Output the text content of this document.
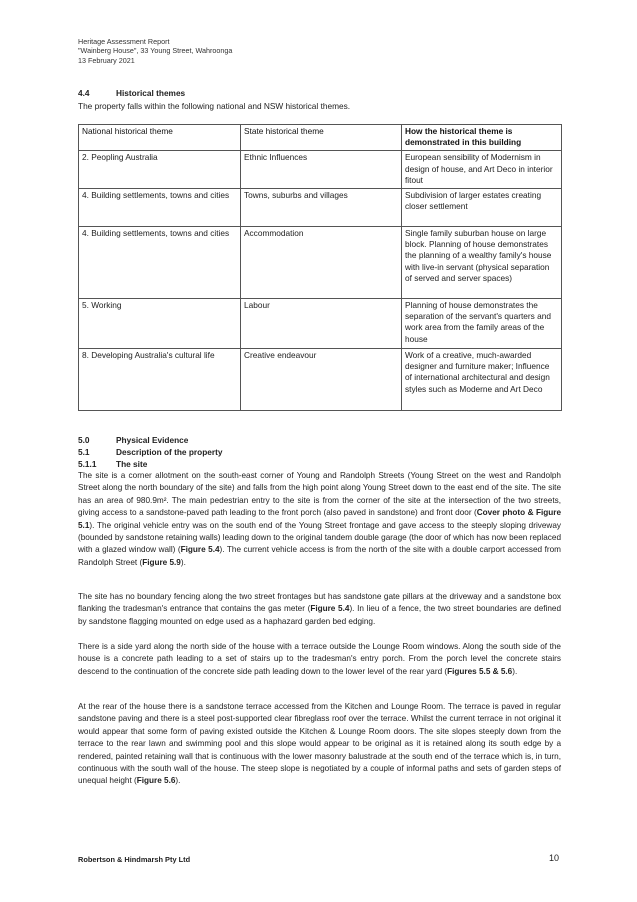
Heritage Assessment Report
"Wainberg House", 33 Young Street, Wahroonga
13 February 2021
4.4	Historical themes
The property falls within the following national and NSW historical themes.
National historical theme	State historical theme	How the historical theme is demonstrated in this building
2. Peopling Australia	Ethnic Influences	European sensibility of Modernism in design of house, and Art Deco in interior fitout
4. Building settlements, towns and cities	Towns, suburbs and villages	Subdivision of larger estates creating closer settlement
4. Building settlements, towns and cities	Accommodation	Single family suburban house on large block. Planning of house demonstrates the planning of a wealthy family's house with live-in servant (physical separation of served and server spaces)
5. Working	Labour	Planning of house demonstrates the separation of the servant's quarters and work area from the family areas of the house
8. Developing Australia's cultural life	Creative endeavour	Work of a creative, much-awarded designer and furniture maker; Influence of international architectural and design styles such as Moderne and Art Deco
5.0	Physical Evidence
5.1	Description of the property
5.1.1 The site
The site is a corner allotment on the south-east corner of Young and Randolph Streets (Young Street on the west and Randolph Street along the north boundary of the site) and falls from the high point along Young Street down to the east end of the site. The site has an area of 980.9m². The main pedestrian entry to the site is from the corner of the site at the intersection of the two streets, giving access to a sandstone-paved path leading to the front porch (also paved in sandstone) and front door (Cover photo & Figure 5.1). The original vehicle entry was on the south end of the Young Street frontage and gave access to the steeply sloping driveway (bounded by sandstone retaining walls) leading down to the original tandem double garage (the door of which has now been replaced with a glazed window wall) (Figure 5.4). The current vehicle access is from the north of the site with a double carport accessed from Randolph Street (Figure 5.9).
The site has no boundary fencing along the two street frontages but has sandstone gate pillars at the driveway and a sandstone box flanking the tradesman's entrance that contains the gas meter (Figure 5.4). In lieu of a fence, the two street boundaries are defined by sandstone flagging mounted on edge used as a haphazard garden bed edging.
There is a side yard along the north side of the house with a terrace outside the Lounge Room windows. Along the south side of the house is a concrete path leading to a set of stairs up to the tradesman's entry porch. From the porch level the concrete stairs descend to the continuation of the concrete side path leading down to the lower level of the rear yard (Figures 5.5 & 5.6).
At the rear of the house there is a sandstone terrace accessed from the Kitchen and Lounge Room. The terrace is paved in regular sandstone paving and there is a steel post-supported clear fibreglass roof over the terrace. Whilst the current terrace in not original it would appear that some form of paving existed outside the Kitchen & Lounge Room doors. The site slopes steeply down from the terrace to the rear lawn and swimming pool and this slope would appear to be original as it is retained along its south edge by a rendered, painted retaining wall that is continuous with the lower masonry balustrade at the south end of the terrace which is, in turn, continuous with the south wall of the house. The steep slope is negotiated by a couple of informal paths and sets of garden steps of unequal height (Figure 5.6).
Robertson & Hindmarsh Pty Ltd	10
